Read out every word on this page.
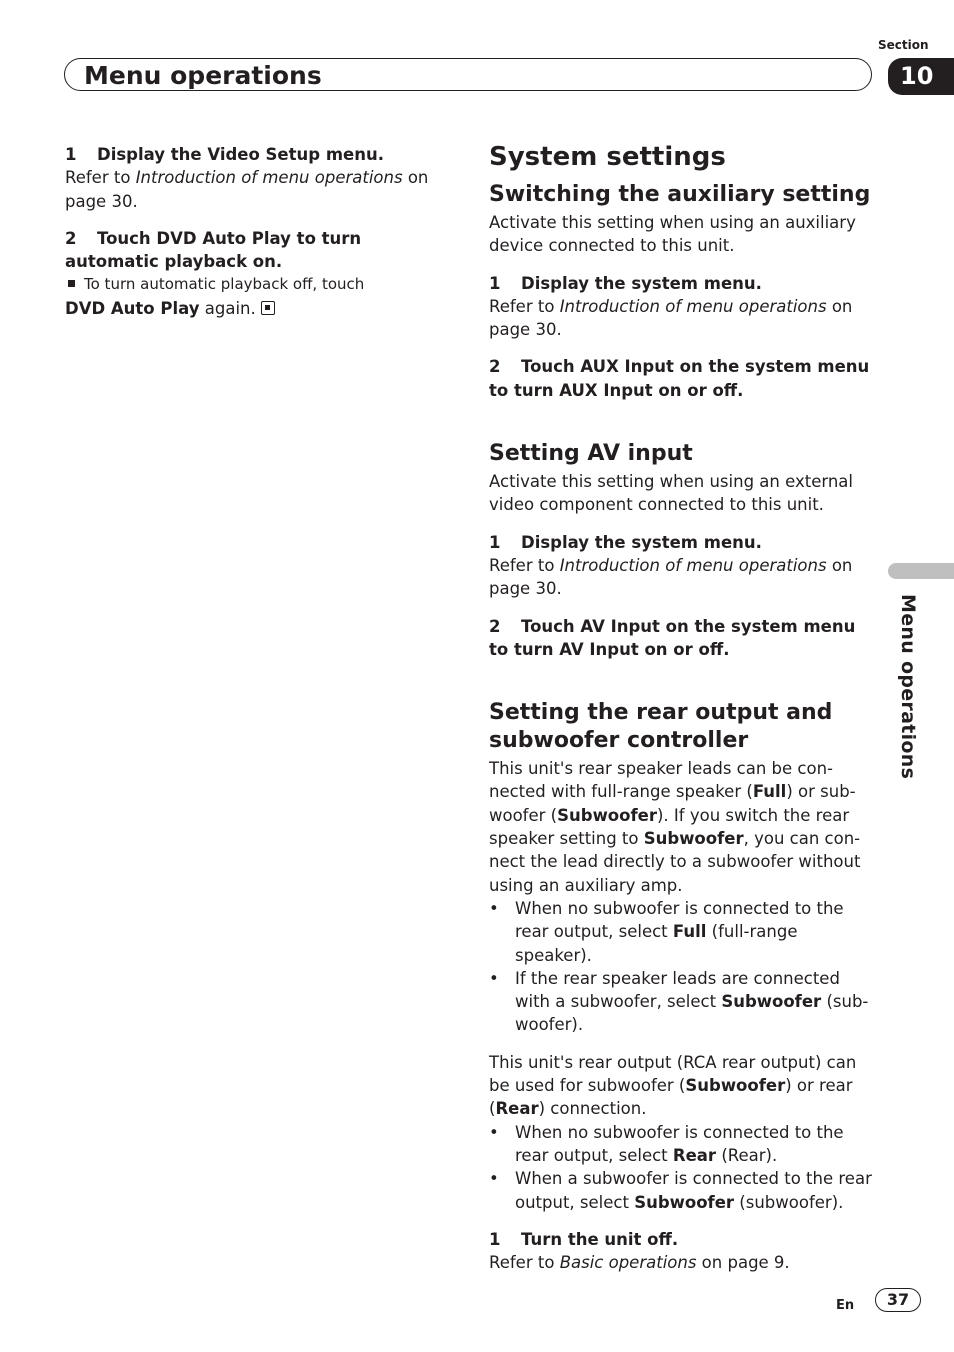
Section
Menu operations	10

1 Display the Video Setup menu.

Refer to Introduction of menu operations on page 30.

2 Touch DVD Auto Play to turn automatic playback on.

To turn automatic playback off, touch

DVD Auto Play again.

System settings
Switching the auxiliary setting

Activate this setting when using an auxiliary device connected to this unit.

1 Display the system menu.

Refer to Introduction of menu operations on page 30.

2 Touch AUX Input on the system menu to turn AUX Input on or off.

Setting AV input

Activate this setting when using an external video component connected to this unit.

1 Display the system menu.

Refer to Introduction of menu operations on page 30.

2 Touch AV Input on the system menu to turn AV Input on or off.

Setting the rear output and subwoofer controller

This unit's rear speaker leads can be con-nected with full-range speaker (Full) or sub-woofer (Subwoofer). If you switch the rear speaker setting to Subwoofer, you can con-nect the lead directly to a subwoofer without using an auxiliary amp.

• When no subwoofer is connected to the rear output, select Full (full-range speaker).
• If the rear speaker leads are connected with a subwoofer, select Subwoofer (sub-woofer).

This unit's rear output (RCA rear output) can be used for subwoofer (Subwoofer) or rear (Rear) connection.

• When no subwoofer is connected to the rear output, select Rear (Rear).
• When a subwoofer is connected to the rear output, select Subwoofer (subwoofer).

1 Turn the unit off.

Refer to Basic operations on page 9.

Menu operations
En	37
